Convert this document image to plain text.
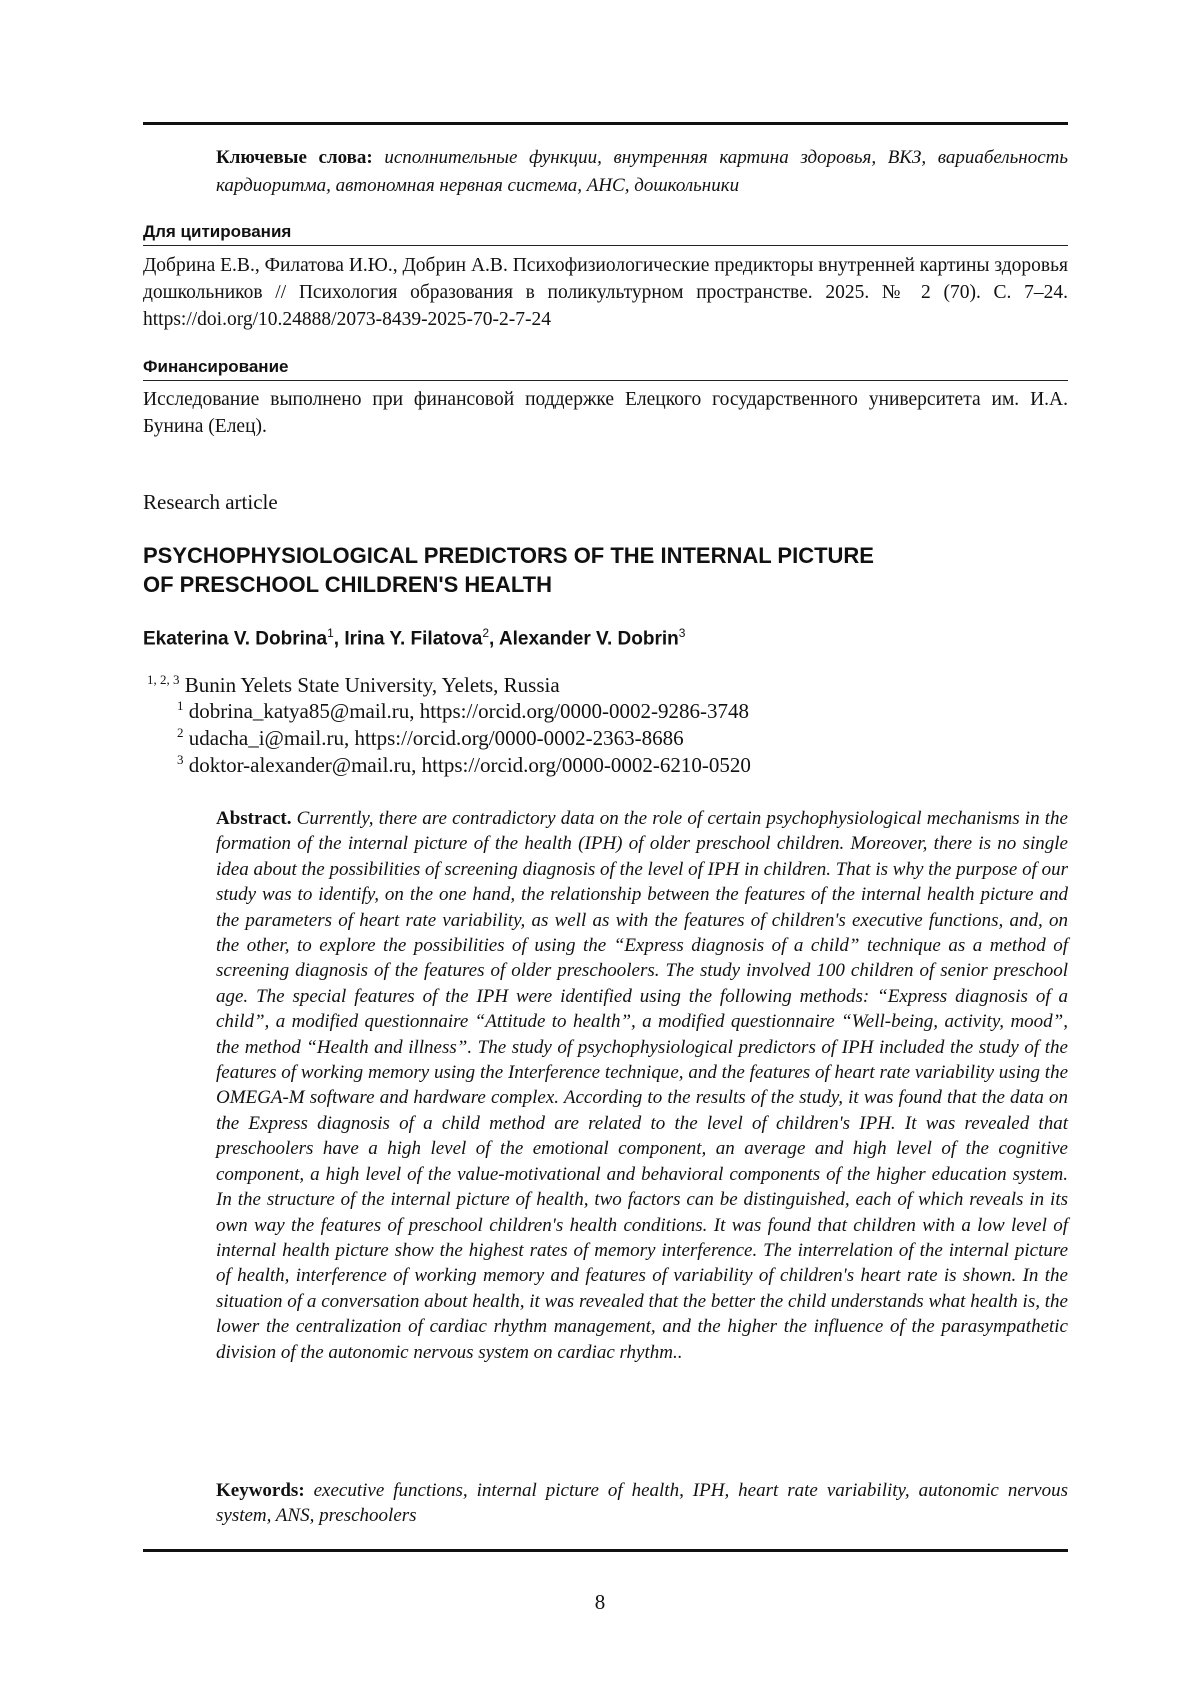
Ключевые слова: исполнительные функции, внутренняя картина здоровья, ВКЗ, вариабельность кардиоритма, автономная нервная система, АНС, дошкольники

Для цитирования

Добрина Е.В., Филатова И.Ю., Добрин А.В. Психофизиологические предикторы внутренней картины здоровья дошкольников // Психология образования в поликультурном пространстве. 2025. № 2 (70). С. 7–24. https://doi.org/10.24888/2073-8439-2025-70-2-7-24

Финансирование

Исследование выполнено при финансовой поддержке Елецкого государственного университета им. И.А. Бунина (Елец).

Research article

PSYCHOPHYSIOLOGICAL PREDICTORS OF THE INTERNAL PICTURE
OF PRESCHOOL CHILDREN'S HEALTH

Ekaterina V. Dobrina1, Irina Y. Filatova2, Alexander V. Dobrin3

1, 2, 3 Bunin Yelets State University, Yelets, Russia

1 dobrina_katya85@mail.ru, https://orcid.org/0000-0002-9286-3748

2 udacha_i@mail.ru, https://orcid.org/0000-0002-2363-8686

3 doktor-alexander@mail.ru, https://orcid.org/0000-0002-6210-0520

Abstract. Currently, there are contradictory data on the role of certain psychophysiological mechanisms in the formation of the internal picture of the health (IPH) of older preschool children. Moreover, there is no single idea about the possibilities of screening diagnosis of the level of IPH in children. That is why the purpose of our study was to identify, on the one hand, the relationship between the features of the internal health picture and the parameters of heart rate variability, as well as with the features of children's executive functions, and, on the other, to explore the possibilities of using the “Express diagnosis of a child” technique as a method of screening diagnosis of the features of older preschoolers. The study involved 100 children of senior preschool age. The special features of the IPH were identified using the following methods: “Express diagnosis of a child”, a modified questionnaire “Attitude to health”, a modified questionnaire “Well-being, activity, mood”, the method “Health and illness”. The study of psychophysiological predictors of IPH included the study of the features of working memory using the Interference technique, and the features of heart rate variability using the OMEGA-M software and hardware complex. According to the results of the study, it was found that the data on the Express diagnosis of a child method are related to the level of children's IPH. It was revealed that preschoolers have a high level of the emotional component, an average and high level of the cognitive component, a high level of the value-motivational and behavioral components of the higher education system. In the structure of the internal picture of health, two factors can be distinguished, each of which reveals in its own way the features of preschool children's health conditions. It was found that children with a low level of internal health picture show the highest rates of memory interference. The interrelation of the internal picture of health, interference of working memory and features of variability of children's heart rate is shown. In the situation of a conversation about health, it was revealed that the better the child understands what health is, the lower the centralization of cardiac rhythm management, and the higher the influence of the parasympathetic division of the autonomic nervous system on cardiac rhythm..

Keywords: executive functions, internal picture of health, IPH, heart rate variability, autonomic nervous system, ANS, preschoolers

8
